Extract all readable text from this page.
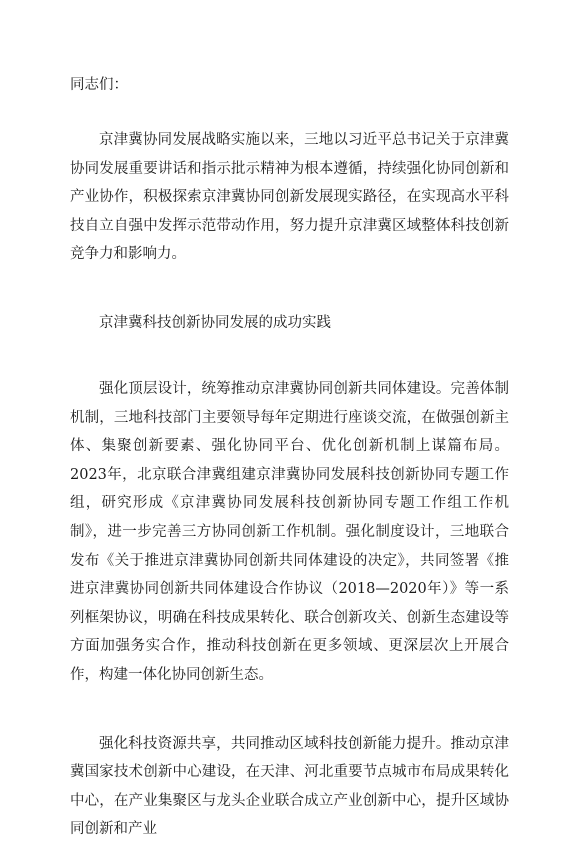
同志们：

京津冀协同发展战略实施以来，三地以习近平总书记关于京津冀协同发展重要讲话和指示批示精神为根本遵循，持续强化协同创新和产业协作，积极探索京津冀协同创新发展现实路径，在实现高水平科技自立自强中发挥示范带动作用，努力提升京津冀区域整体科技创新竞争力和影响力。

京津冀科技创新协同发展的成功实践

强化顶层设计，统筹推动京津冀协同创新共同体建设。完善体制机制，三地科技部门主要领导每年定期进行座谈交流，在做强创新主体、集聚创新要素、强化协同平台、优化创新机制上谋篇布局。2023年，北京联合津冀组建京津冀协同发展科技创新协同专题工作组，研究形成《京津冀协同发展科技创新协同专题工作组工作机制》，进一步完善三方协同创新工作机制。强化制度设计，三地联合发布《关于推进京津冀协同创新共同体建设的决定》，共同签署《推进京津冀协同创新共同体建设合作协议（2018—2020年）》等一系列框架协议，明确在科技成果转化、联合创新攻关、创新生态建设等方面加强务实合作，推动科技创新在更多领域、更深层次上开展合作，构建一体化协同创新生态。

强化科技资源共享，共同推动区域科技创新能力提升。推动京津冀国家技术创新中心建设，在天津、河北重要节点城市布局成果转化中心，在产业集聚区与龙头企业联合成立产业创新中心，提升区域协同创新和产业
